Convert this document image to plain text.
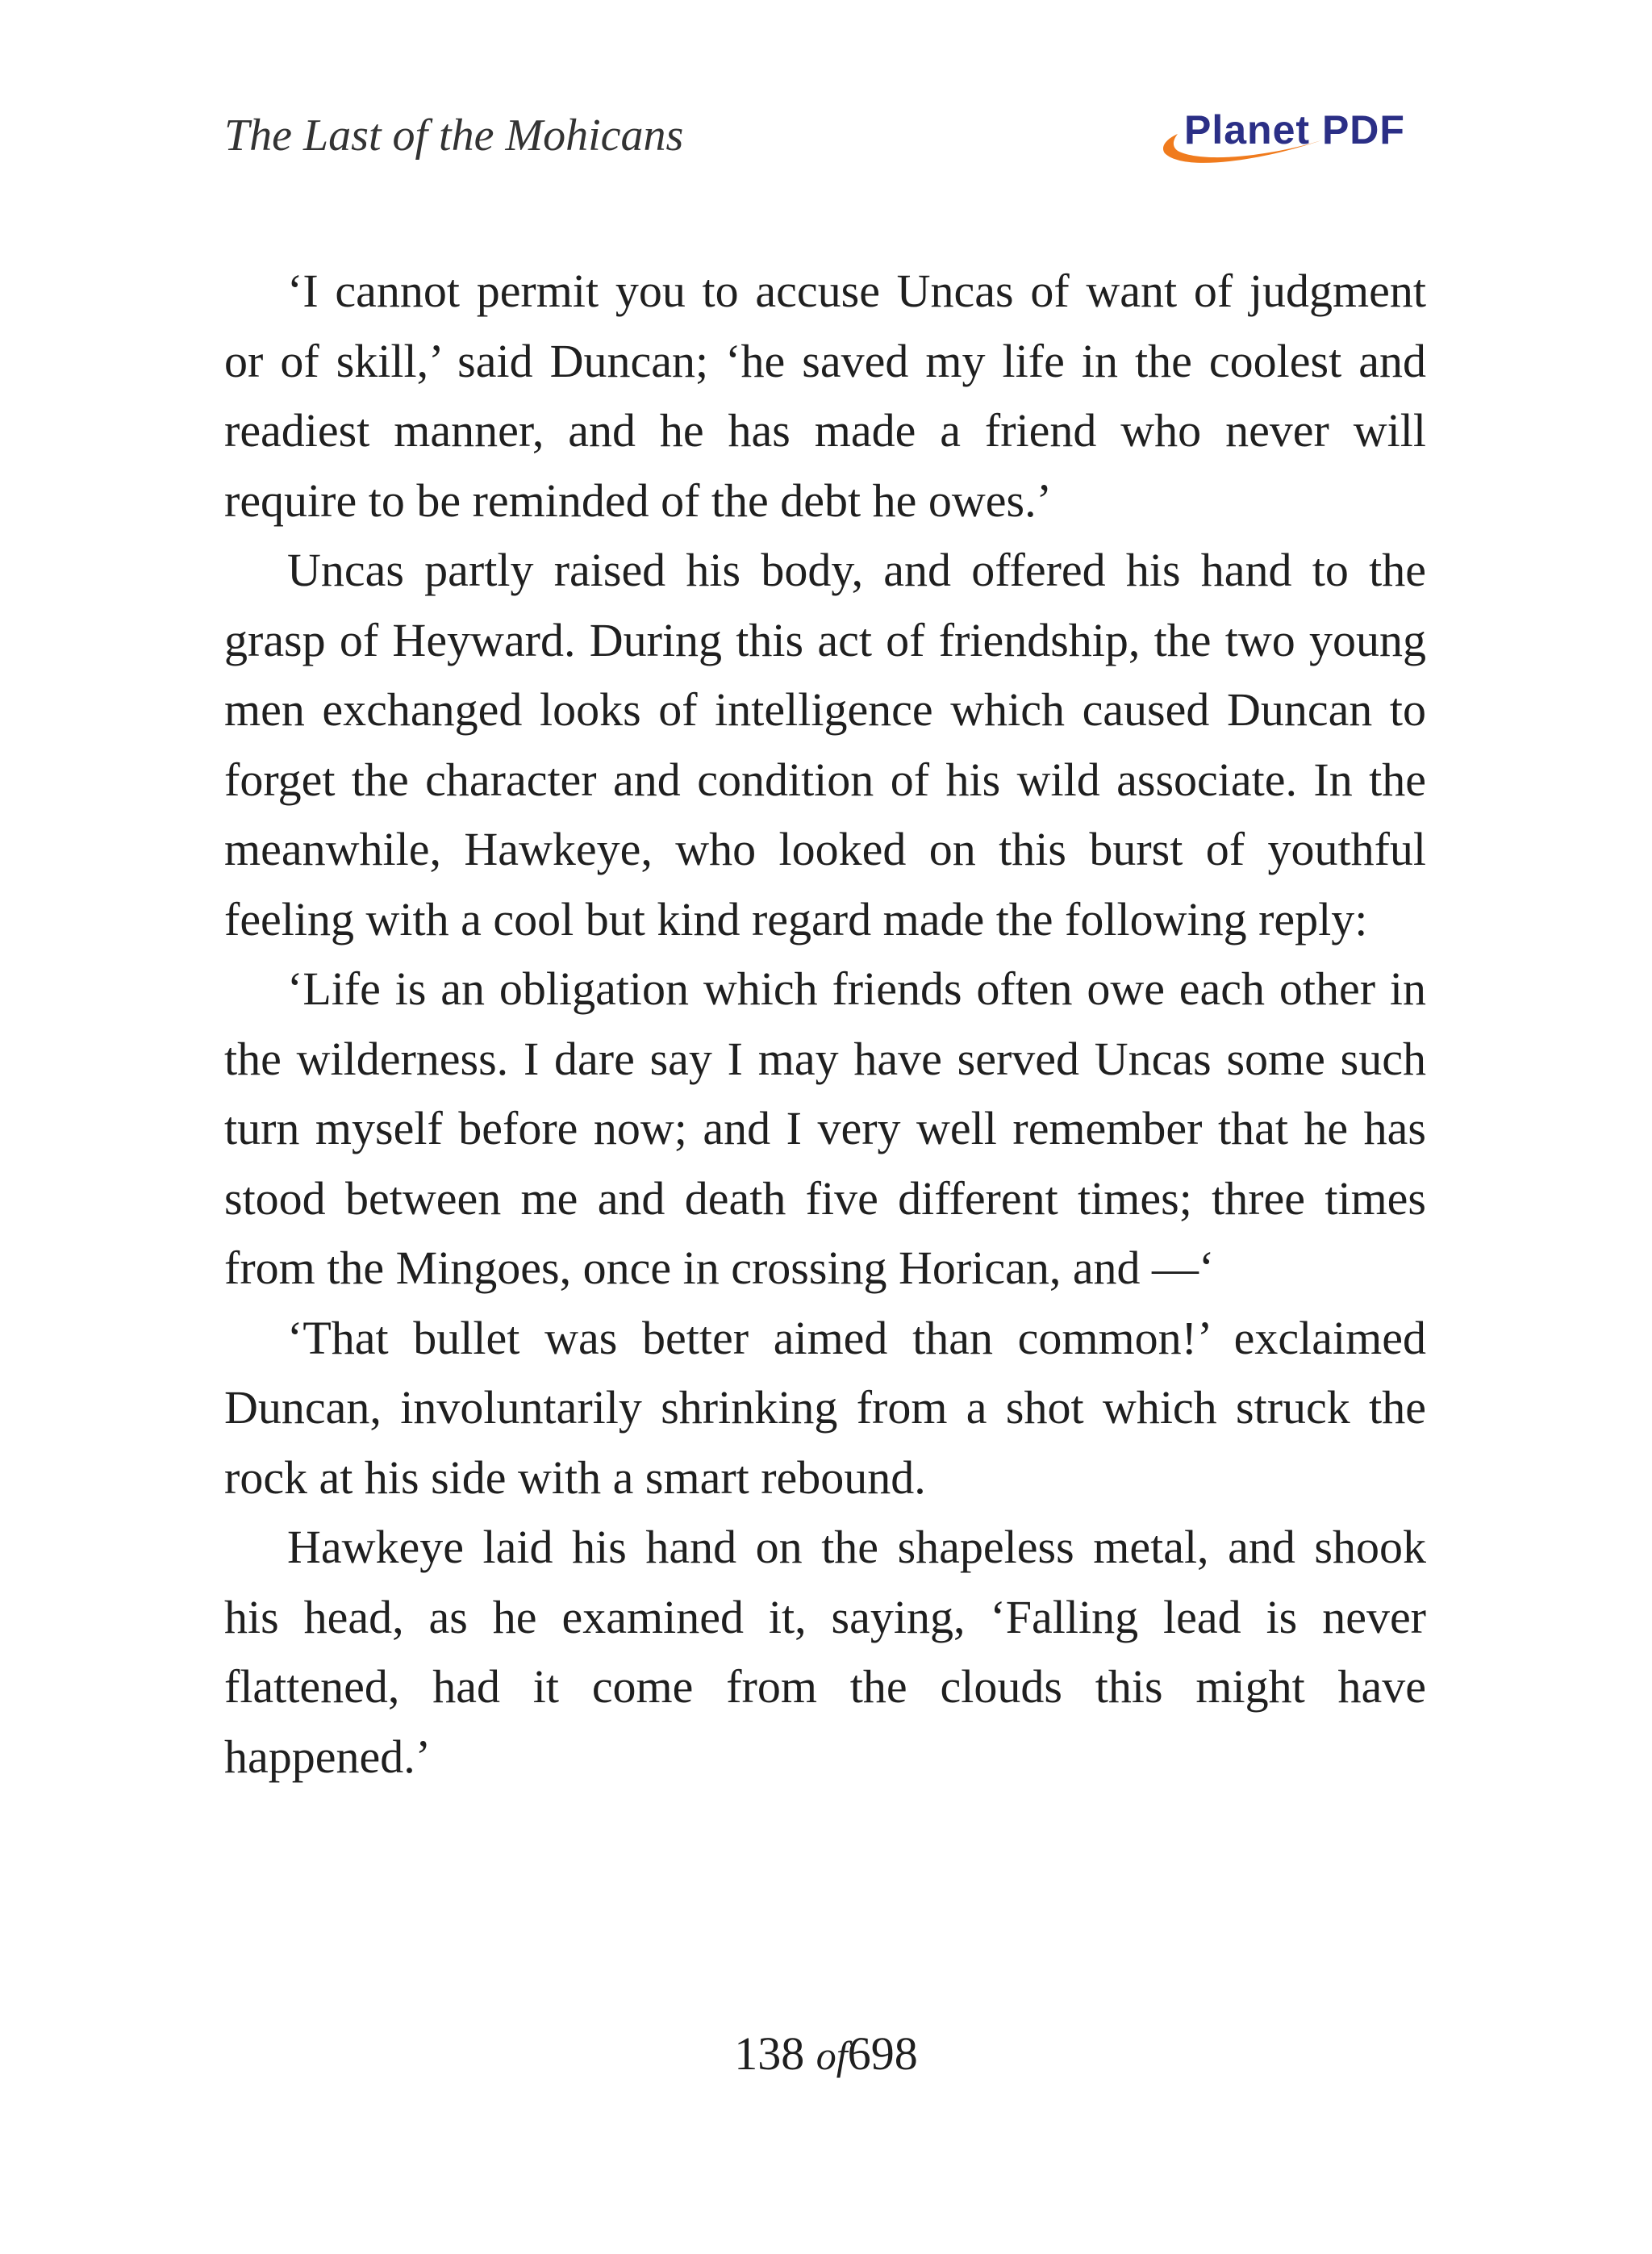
The Last of the Mohicans	Planet PDF

‘I cannot permit you to accuse Uncas of want of judgment or of skill,’ said Duncan; ‘he saved my life in the coolest and readiest manner, and he has made a friend who never will require to be reminded of the debt he owes.’

Uncas partly raised his body, and offered his hand to the grasp of Heyward. During this act of friendship, the two young men exchanged looks of intelligence which caused Duncan to forget the character and condition of his wild associate. In the meanwhile, Hawkeye, who looked on this burst of youthful feeling with a cool but kind regard made the following reply:

‘Life is an obligation which friends often owe each other in the wilderness. I dare say I may have served Uncas some such turn myself before now; and I very well remember that he has stood between me and death five different times; three times from the Mingoes, once in crossing Horican, and —‘

‘That bullet was better aimed than common!’ exclaimed Duncan, involuntarily shrinking from a shot which struck the rock at his side with a smart rebound.

Hawkeye laid his hand on the shapeless metal, and shook his head, as he examined it, saying, ‘Falling lead is never flattened, had it come from the clouds this might have happened.’

138 of698
